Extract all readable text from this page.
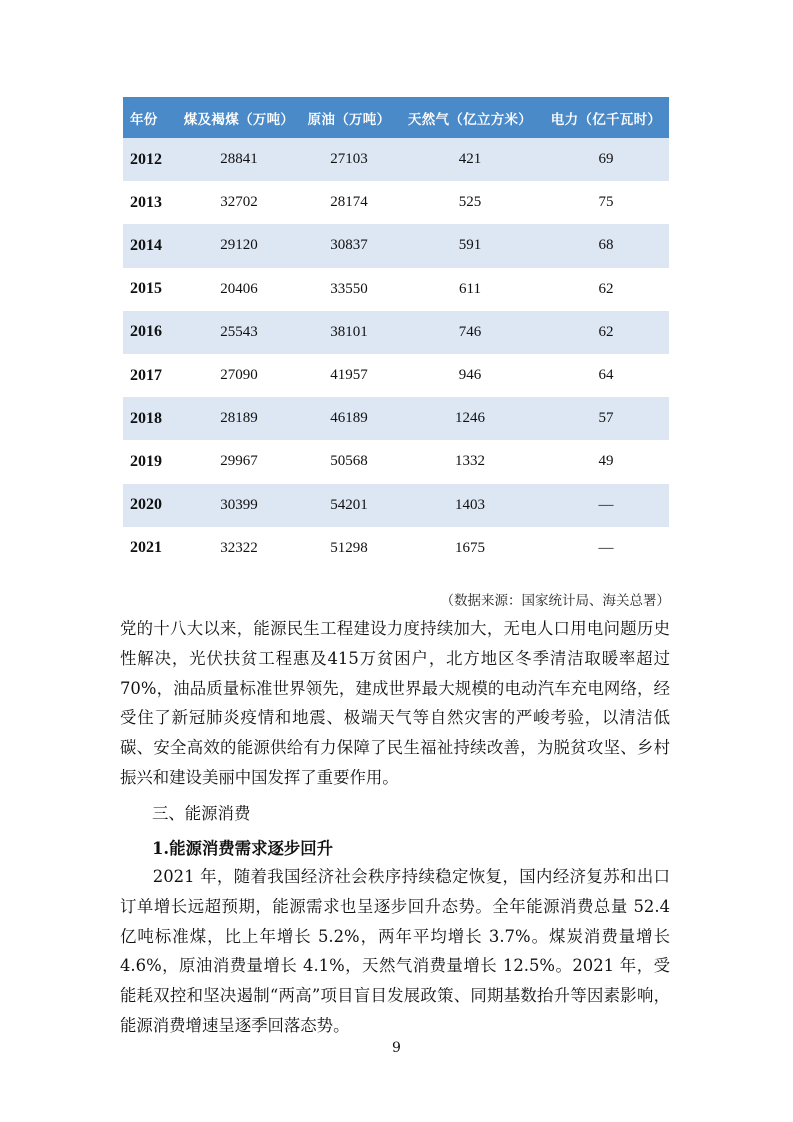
年份	煤及褐煤（万吨）	原油（万吨）	天然气（亿立方米）	电力（亿千瓦时）
2012	28841	27103	421	69
2013	32702	28174	525	75
2014	29120	30837	591	68
2015	20406	33550	611	62
2016	25543	38101	746	62
2017	27090	41957	946	64
2018	28189	46189	1246	57
2019	29967	50568	1332	49
2020	30399	54201	1403	—
2021	32322	51298	1675	—
（数据来源：国家统计局、海关总署）

党的十八大以来，能源民生工程建设力度持续加大，无电人口用电问题历史性解决，光伏扶贫工程惠及415万贫困户，北方地区冬季清洁取暖率超过70%，油品质量标准世界领先，建成世界最大规模的电动汽车充电网络，经受住了新冠肺炎疫情和地震、极端天气等自然灾害的严峻考验，以清洁低碳、安全高效的能源供给有力保障了民生福祉持续改善，为脱贫攻坚、乡村振兴和建设美丽中国发挥了重要作用。

三、能源消费
1.能源消费需求逐步回升

2021 年，随着我国经济社会秩序持续稳定恢复，国内经济复苏和出口订单增长远超预期，能源需求也呈逐步回升态势。全年能源消费总量 52.4 亿吨标准煤，比上年增长 5.2%，两年平均增长 3.7%。煤炭消费量增长 4.6%，原油消费量增长 4.1%，天然气消费量增长 12.5%。2021 年，受能耗双控和坚决遏制“两高”项目盲目发展政策、同期基数抬升等因素影响，能源消费增速呈逐季回落态势。

9
